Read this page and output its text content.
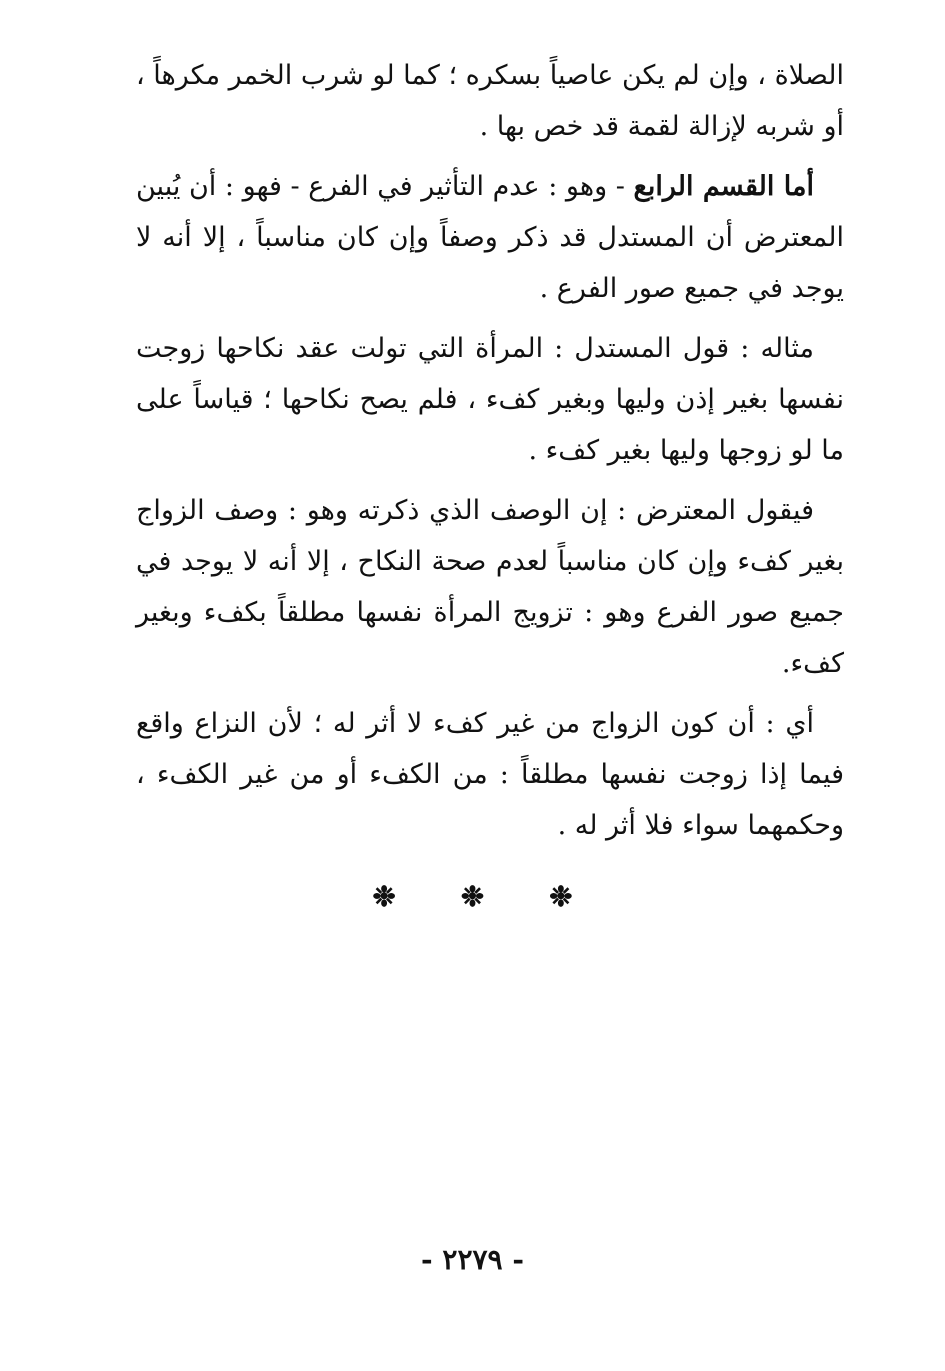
الصلاة ، وإن لم يكن عاصياً بسكره ؛ كما لو شرب الخمر مكرهاً ، أو شربه لإزالة لقمة قد خص بها .

أما القسم الرابع - وهو : عدم التأثير في الفرع - فهو : أن يُبين المعترض أن المستدل قد ذكر وصفاً وإن كان مناسباً ، إلا أنه لا يوجد في جميع صور الفرع .

مثاله : قول المستدل : المرأة التي تولت عقد نكاحها زوجت نفسها بغير إذن وليها وبغير كفء ، فلم يصح نكاحها ؛ قياساً على ما لو زوجها وليها بغير كفء .

فيقول المعترض : إن الوصف الذي ذكرته وهو : وصف الزواج بغير كفء وإن كان مناسباً لعدم صحة النكاح ، إلا أنه لا يوجد في جميع صور الفرع وهو : تزويج المرأة نفسها مطلقاً بكفء وبغير كفء.

أي : أن كون الزواج من غير كفء لا أثر له ؛ لأن النزاع واقع فيما إذا زوجت نفسها مطلقاً : من الكفء أو من غير الكفء ، وحكمهما سواء فلا أثر له .

❉ ❉ ❉
- ٢٢٧٩ -
